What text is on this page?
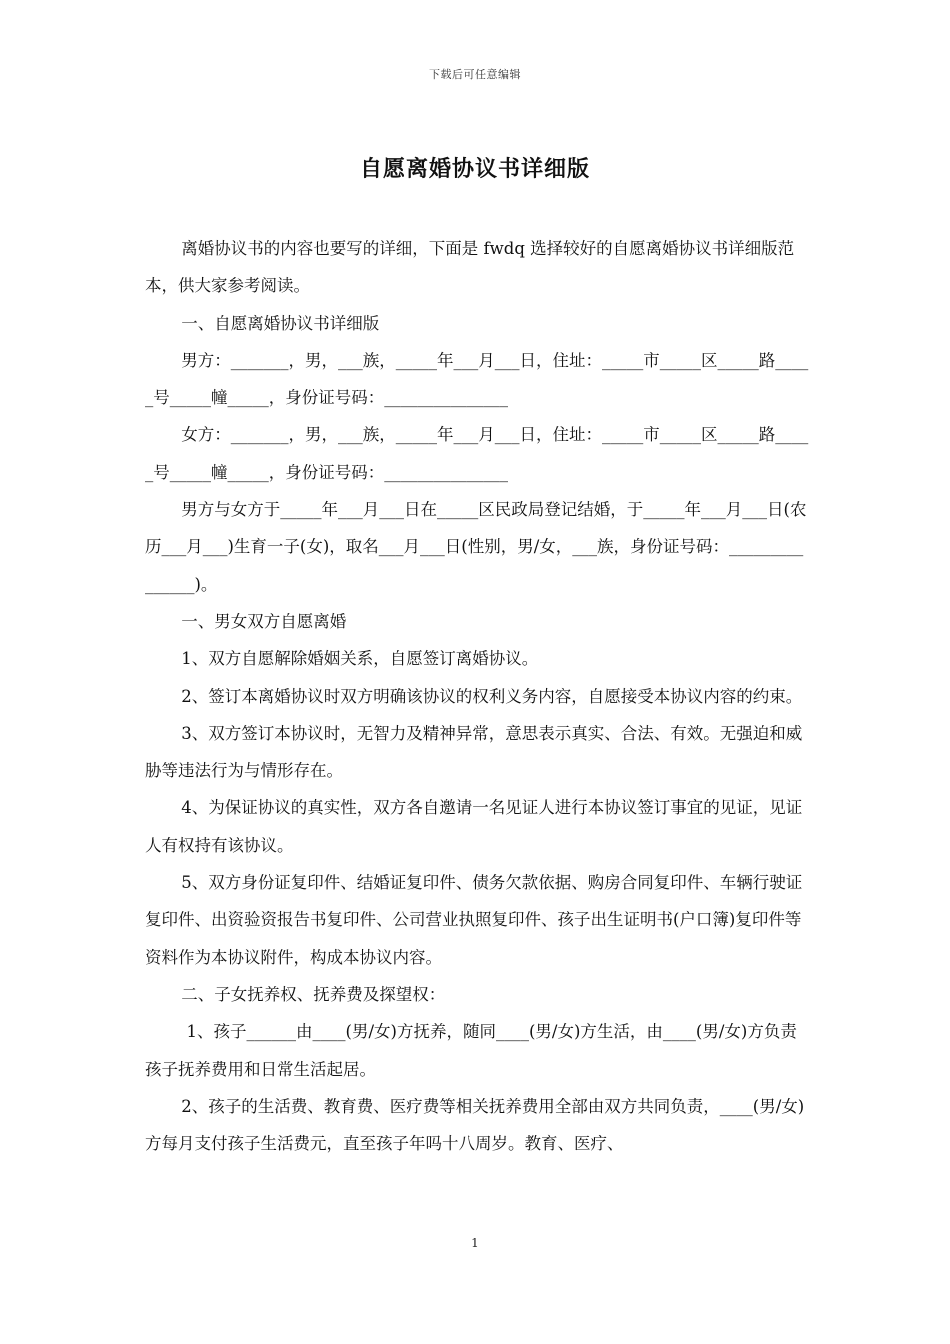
下载后可任意编辑
自愿离婚协议书详细版

离婚协议书的内容也要写的详细，下面是 fwdq 选择较好的自愿离婚协议书详细版范本，供大家参考阅读。

一、自愿离婚协议书详细版

男方：_______，男，___族，_____年___月___日，住址：_____市_____区_____路_____号_____幢_____，身份证号码：_______________

女方：_______，男，___族，_____年___月___日，住址：_____市_____区_____路_____号_____幢_____，身份证号码：_______________

男方与女方于_____年___月___日在_____区民政局登记结婚，于_____年___月___日(农历___月___)生育一子(女)，取名___月___日(性别，男/女，___族，身份证号码：_______________)。

一、男女双方自愿离婚

1、双方自愿解除婚姻关系，自愿签订离婚协议。

2、签订本离婚协议时双方明确该协议的权利义务内容，自愿接受本协议内容的约束。

3、双方签订本协议时，无智力及精神异常，意思表示真实、合法、有效。无强迫和威胁等违法行为与情形存在。

4、为保证协议的真实性，双方各自邀请一名见证人进行本协议签订事宜的见证，见证人有权持有该协议。

5、双方身份证复印件、结婚证复印件、债务欠款依据、购房合同复印件、车辆行驶证复印件、出资验资报告书复印件、公司营业执照复印件、孩子出生证明书(户口簿)复印件等资料作为本协议附件，构成本协议内容。

二、子女抚养权、抚养费及探望权：

1、孩子______由____(男/女)方抚养，随同____(男/女)方生活，由____(男/女)方负责孩子抚养费用和日常生活起居。

2、孩子的生活费、教育费、医疗费等相关抚养费用全部由双方共同负责，____(男/女)方每月支付孩子生活费元，直至孩子年吗十八周岁。教育、医疗、

1
